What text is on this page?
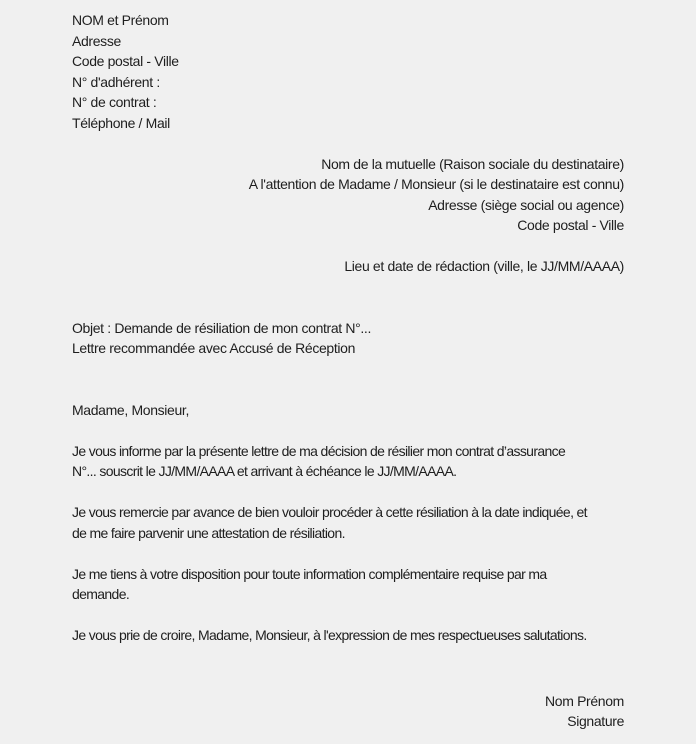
NOM et Prénom
Adresse
Code postal - Ville
N° d'adhérent :
N° de contrat :
Téléphone / Mail
Nom de la mutuelle (Raison sociale du destinataire)
A l'attention de Madame / Monsieur (si le destinataire est connu)
Adresse (siège social ou agence)
Code postal - Ville
Lieu et date de rédaction (ville, le JJ/MM/AAAA)
Objet : Demande de résiliation de mon contrat N°...
Lettre recommandée avec Accusé de Réception
Madame, Monsieur,
Je vous informe par la présente lettre de ma décision de résilier mon contrat d’assurance
N°... souscrit le JJ/MM/AAAA et arrivant à échéance le JJ/MM/AAAA.
Je vous remercie par avance de bien vouloir procéder à cette résiliation à la date indiquée, et
de me faire parvenir une attestation de résiliation.
Je me tiens à votre disposition pour toute information complémentaire requise par ma
demande.
Je vous prie de croire, Madame, Monsieur, à l'expression de mes respectueuses salutations.
Nom Prénom
Signature
